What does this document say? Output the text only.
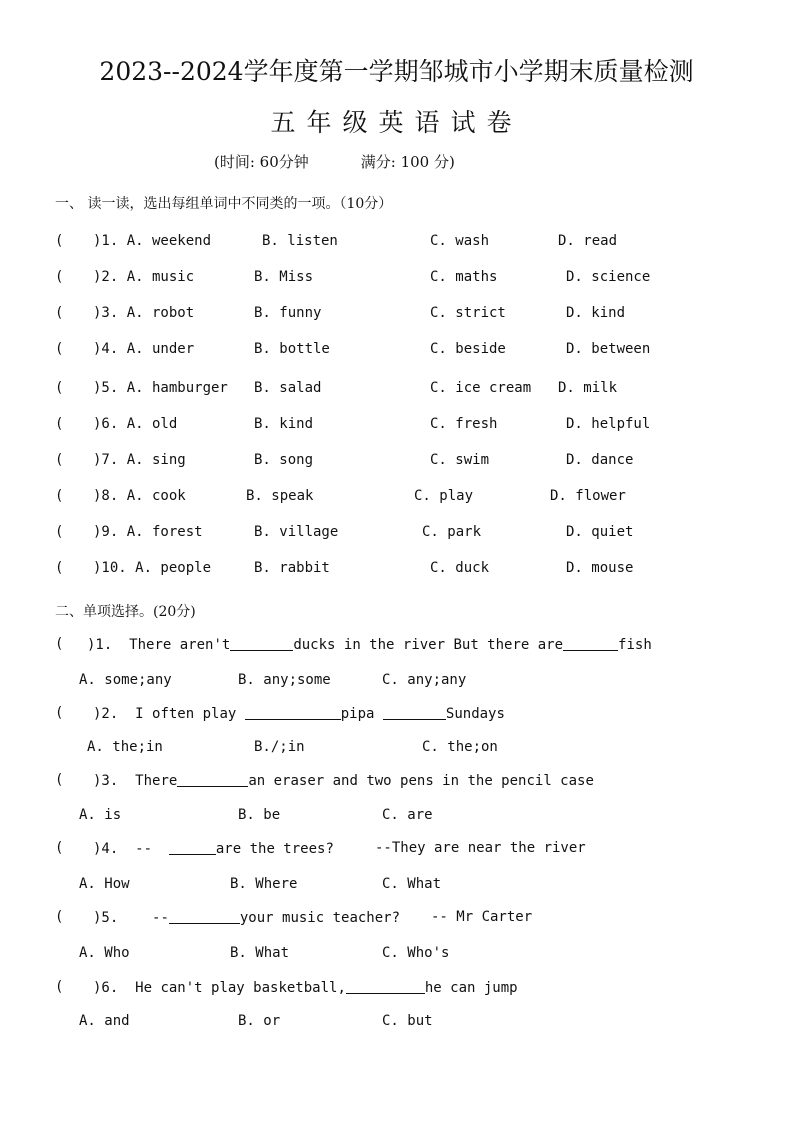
2023--2024学年度第一学期邹城市小学期末质量检测
五年级英语试卷
(时间: 60分钟	满分: 100 分)
一、 读一读，选出每组单词中不同类的一项。（10分）
( )1. A. weekend	B. listen	C. wash	D. read
( )2. A. music	B. Miss	C. maths	D. science
( )3. A. robot	B. funny	C. strict	D. kind
( )4. A. under	B. bottle	C. beside	D. between
( )5. A. hamburger B. salad	C. ice cream D. milk
( )6. A. old	B. kind	C. fresh	D. helpful
( )7. A. sing	B. song	C. swim	D. dance
( )8. A. cook	B. speak	C. play	D. flower
( )9. A. forest	B. village	C. park	D. quiet
( )10. A. people	B. rabbit	C. duck	D. mouse
二、单项选择。(20分)
( )1. There aren't	ducks in the river But there are	fish
A. some;any	B. any;some	C. any;any
( )2. I often play	pipa	Sundays
A. the;in	B./;in	C. the;on
( )3. There	an eraser and two pens in the pencil case
A. is	B. be	C. are
( )4. --	are the trees?	--They are near the river
A. How	B. Where	C. What
( )5. --	your music teacher? -- Mr Carter
A. Who	B. What	C. Who's
( )6. He can't play basketball,	he can jump
A. and	B. or	C. but
